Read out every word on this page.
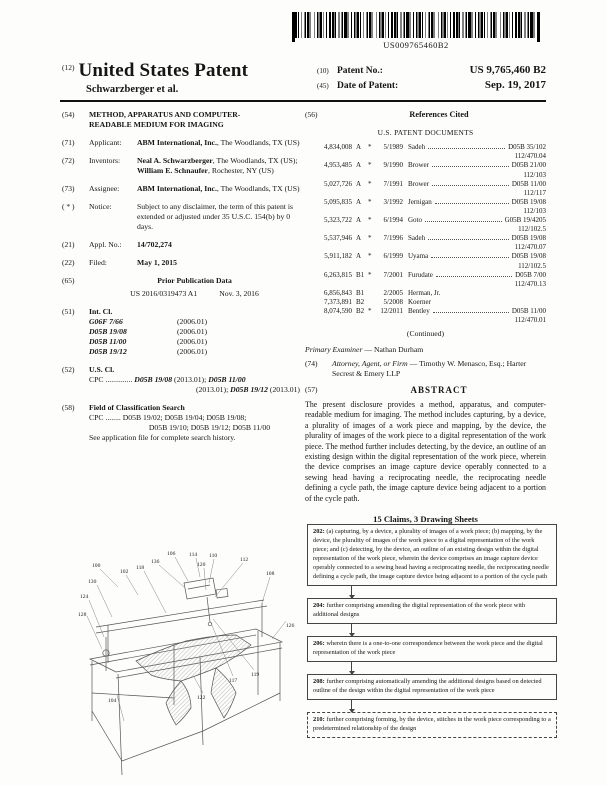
US009765460B2
$^{(12)}$ United States Patent
Schwarzberger et al.
(10) Patent No.:	US 9,765,460 B2
(45) Date of Patent:	Sep. 19, 2017
(54)	METHOD, APPARATUS AND COMPUTER-READABLE MEDIUM FOR IMAGING
(71)	Applicant:	ABM International, Inc., The Woodlands, TX (US)
(72)	Inventors:	Neal A. Schwarzberger, The Woodlands, TX (US); William E. Schnaufer, Rochester, NY (US)
(73)	Assignee:	ABM International, Inc., The Woodlands, TX (US)
( * )	Notice:	Subject to any disclaimer, the term of this patent is extended or adjusted under 35 U.S.C. 154(b) by 0 days.
(21)	Appl. No.:	14/702,274
(22)	Filed:	May 1, 2015
(65)	Prior Publication Data
US 2016/0319473 A1	Nov. 3, 2016
(51)	Int. Cl.
G06F 7/66	(2006.01)
D05B 19/08	(2006.01)
D05B 11/00	(2006.01)
D05B 19/12	(2006.01)
(52)	U.S. Cl.
CPC .............. D05B 19/08 (2013.01); D05B 11/00
(2013.01); D05B 19/12 (2013.01)
(58)	Field of Classification Search
CPC ........ D05B 19/02; D05B 19/04; D05B 19/08;
D05B 19/10; D05B 19/12; D05B 11/00
See application file for complete search history.
(56)	References Cited
U.S. PATENT DOCUMENTS
4,834,008 A *	5/1989 Sadeh	D05B 35/102
112/470.04
4,953,485 A *	9/1990 Brower	D05B 21/00
112/103
5,027,726 A *	7/1991 Brower	D05B 11/00
112/117
5,095,835 A *	3/1992 Jernigan	D05B 19/08
112/103
5,323,722 A *	6/1994 Goto	G05B 19/4205
112/102.5
5,537,946 A *	7/1996 Sadeh	D05B 19/08
112/470.07
5,911,182 A *	6/1999 Uyama	D05B 19/08
112/102.5
6,263,815 B1 *	7/2001 Furudate	D05B 7/00
112/470.13
6,856,843 B1	2/2005 Herman, Jr.
7,373,891 B2	5/2008 Koerner
8,074,590 B2 *	12/2011 Bentley	D05B 11/00
112/470.01
(Continued)
Primary Examiner — Nathan Durham
(74)	Attorney, Agent, or Firm — Timothy W. Menasco, Esq.; Harter Secrest & Emery LLP
(57)	ABSTRACT
The present disclosure provides a method, apparatus, and computer-readable medium for imaging. The method includes capturing, by a device, a plurality of images of a work piece and mapping, by the device, the plurality of images of the work piece to a digital representation of the work piece. The method further includes detecting, by the device, an outline of an existing design within the digital representation of the work piece, wherein the device comprises an image capture device operably connected to a sewing head having a reciprocating needle, the reciprocating needle defining a cycle path, the image capture device being adjacent to a portion of the cycle path.
15 Claims, 3 Drawing Sheets
202: (a) capturing, by a device, a plurality of images of a work piece; (b) mapping, by the device, the plurality of images of the work piece to a digital representation of the work piece; and (c) detecting, by the device, an outline of an existing design within the digital representation of the work piece, wherein the device comprises an image capture device operably connected to a sewing head having a reciprocating needle, the reciprocating needle defining a cycle path, the image capture device being adjacent to a portion of the cycle path
204: further comprising amending the digital representation of the work piece with additional designs
206: wherein there is a one-to-one correspondence between the work piece and the digital representation of the work piece
208: further comprising automatically amending the additional designs based on detected outline of the design within the digital representation of the work piece
210: further comprising forming, by the device, stitches in the work piece corresponding to a predetermined relationship of the design
100
102
130
124
128
104
118
136
106 114 110
120
112
108
126
117
119
122
